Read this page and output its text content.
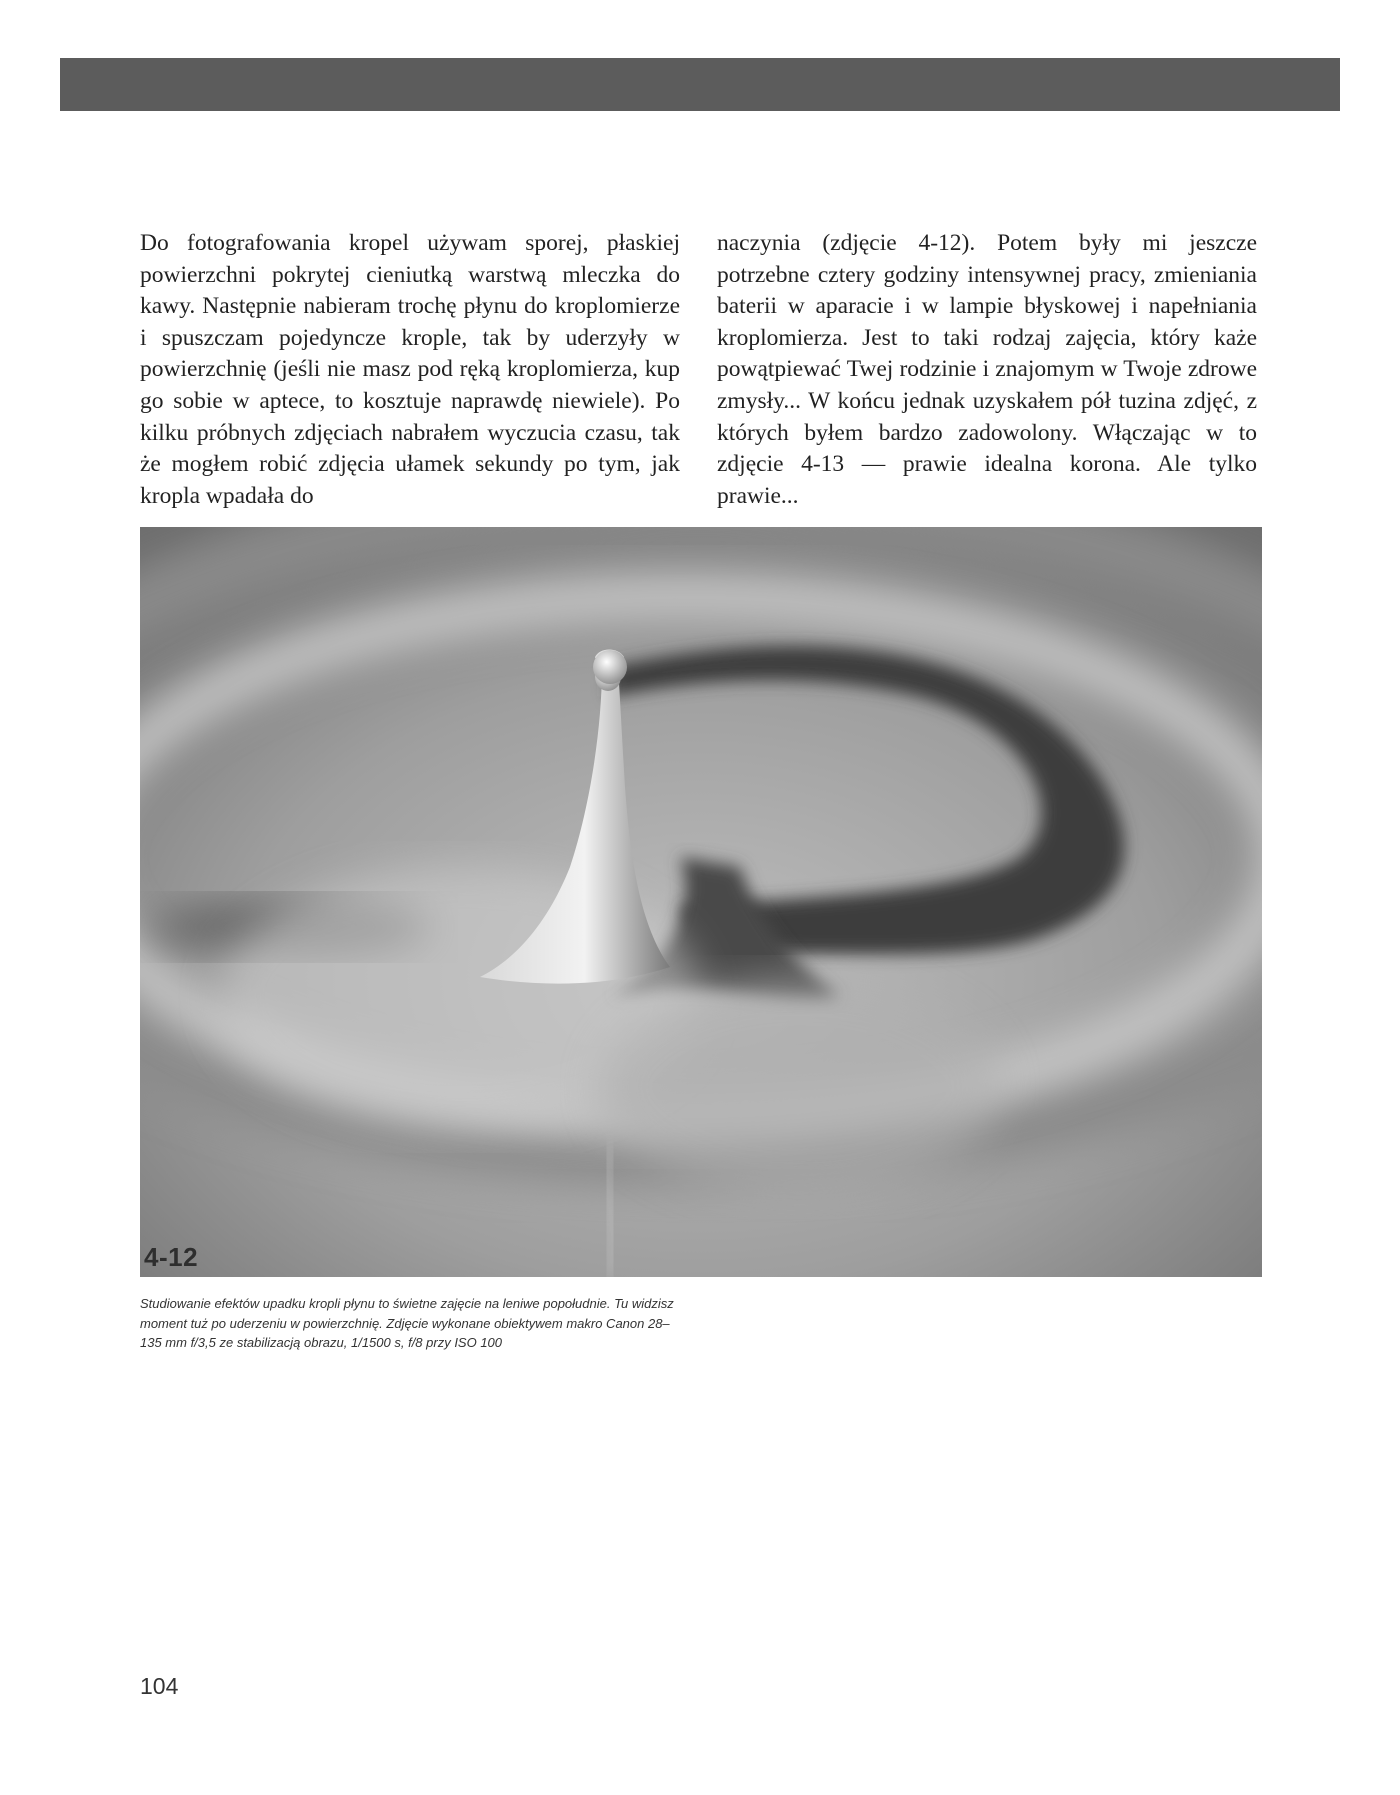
Do fotografowania kropel używam sporej, płaskiej powierzchni pokrytej cieniutką warstwą mleczka do kawy. Następnie nabieram trochę płynu do kroplomierze i spuszczam pojedyncze krople, tak by uderzyły w powierzchnię (jeśli nie masz pod ręką kroplomierza, kup go sobie w aptece, to kosztuje naprawdę niewiele). Po kilku próbnych zdjęciach nabrałem wyczucia czasu, tak że mogłem robić zdjęcia ułamek sekundy po tym, jak kropla wpadała do

naczynia (zdjęcie 4-12). Potem były mi jeszcze potrzebne cztery godziny intensywnej pracy, zmieniania baterii w aparacie i w lampie błyskowej i napełniania kroplomierza. Jest to taki rodzaj zajęcia, który każe powątpiewać Twej rodzinie i znajomym w Twoje zdrowe zmysły... W końcu jednak uzyskałem pół tuzina zdjęć, z których byłem bardzo zadowolony. Włączając w to zdjęcie 4-13 — prawie idealna korona. Ale tylko prawie...

4-12
Studiowanie efektów upadku kropli płynu to świetne zajęcie na leniwe popołudnie. Tu widzisz moment tuż po uderzeniu w powierzchnię. Zdjęcie wykonane obiektywem makro Canon 28–135 mm f/3,5 ze stabilizacją obrazu, 1/1500 s, f/8 przy ISO 100
104
